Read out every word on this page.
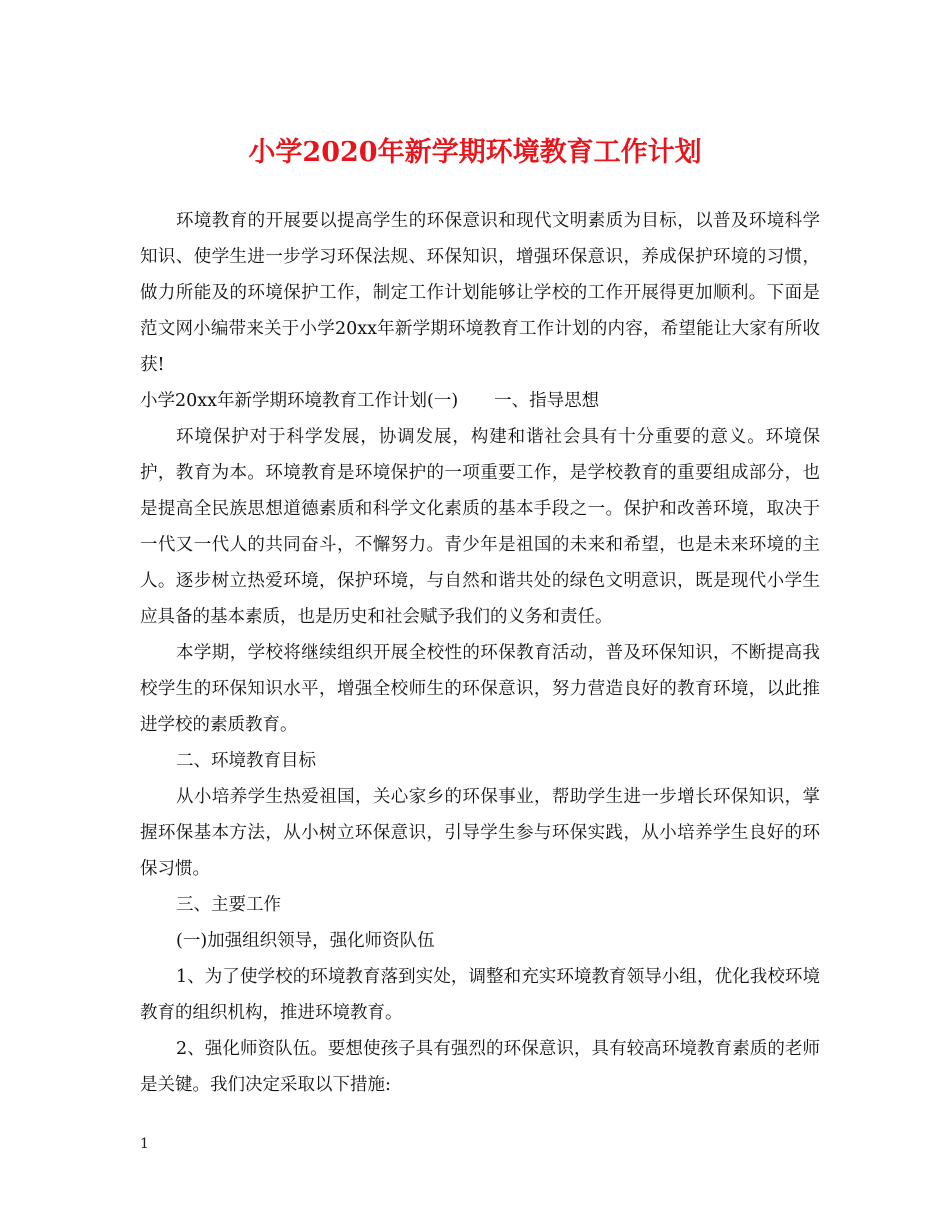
小学2020年新学期环境教育工作计划

环境教育的开展要以提高学生的环保意识和现代文明素质为目标，以普及环境科学知识、使学生进一步学习环保法规、环保知识，增强环保意识，养成保护环境的习惯，做力所能及的环境保护工作，制定工作计划能够让学校的工作开展得更加顺利。下面是范文网小编带来关于小学20xx年新学期环境教育工作计划的内容，希望能让大家有所收获!

小学20xx年新学期环境教育工作计划(一) 一、指导思想

环境保护对于科学发展，协调发展，构建和谐社会具有十分重要的意义。环境保护，教育为本。环境教育是环境保护的一项重要工作，是学校教育的重要组成部分，也是提高全民族思想道德素质和科学文化素质的基本手段之一。保护和改善环境，取决于一代又一代人的共同奋斗，不懈努力。青少年是祖国的未来和希望，也是未来环境的主人。逐步树立热爱环境，保护环境，与自然和谐共处的绿色文明意识，既是现代小学生应具备的基本素质，也是历史和社会赋予我们的义务和责任。

本学期，学校将继续组织开展全校性的环保教育活动，普及环保知识，不断提高我校学生的环保知识水平，增强全校师生的环保意识，努力营造良好的教育环境，以此推进学校的素质教育。

二、环境教育目标

从小培养学生热爱祖国，关心家乡的环保事业，帮助学生进一步增长环保知识，掌握环保基本方法，从小树立环保意识，引导学生参与环保实践，从小培养学生良好的环保习惯。

三、主要工作

(一)加强组织领导，强化师资队伍

1、为了使学校的环境教育落到实处，调整和充实环境教育领导小组，优化我校环境教育的组织机构，推进环境教育。

2、强化师资队伍。要想使孩子具有强烈的环保意识，具有较高环境教育素质的老师是关键。我们决定采取以下措施:

1
